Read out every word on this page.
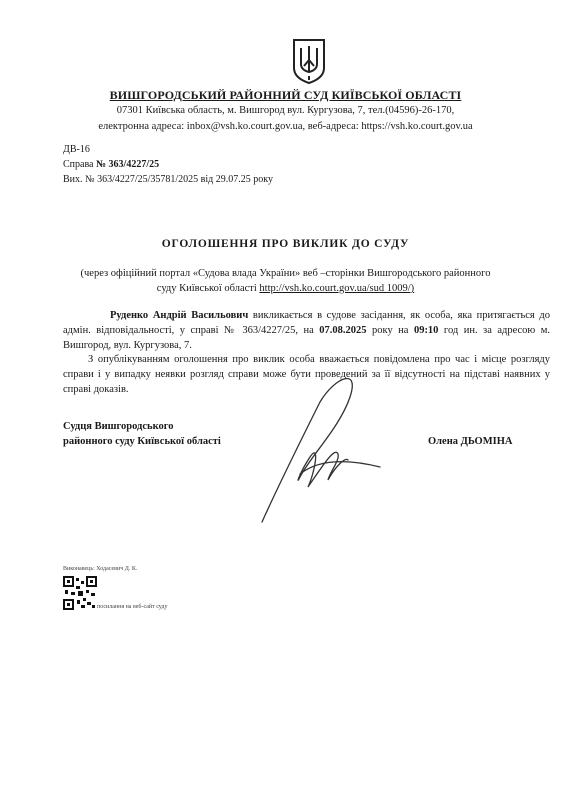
ВИШГОРОДСЬКИЙ РАЙОННИЙ СУД КИЇВСЬКОЇ ОБЛАСТІ
07301 Київська область, м. Вишгород вул. Кургузова, 7, тел.(04596)-26-170,
електронна адреса: inbox@vsh.ko.court.gov.ua, веб-адреса: https://vsh.ko.court.gov.ua
ДВ-16
Справа № 363/4227/25
Вих. № 363/4227/25/35781/2025 від 29.07.25 року
ОГОЛОШЕННЯ ПРО ВИКЛИК ДО СУДУ
(через офіційний портал «Судова влада України» веб –сторінки Вишгородського районного
суду Київської області http://vsh.ko.court.gov.ua/sud 1009/)
Руденко Андрій Васильович викликається в судове засідання, як особа, яка притягається до адмін. відповідальності, у справі № 363/4227/25, на 07.08.2025 року на 09:10 год ин. за адресою м. Вишгород, вул. Кургузова, 7.
З опублікуванням оголошення про виклик особа вважається повідомлена про час і місце розгляду справи і у випадку неявки розгляд справи може бути проведений за її відсутності на підставі наявних у справі доказів.
Судця Вишгородського
районного суду Київської області	Олена ДЬОМІНА
Виконавець: Ходасевич Д. К.
посилання на веб-сайт суду
